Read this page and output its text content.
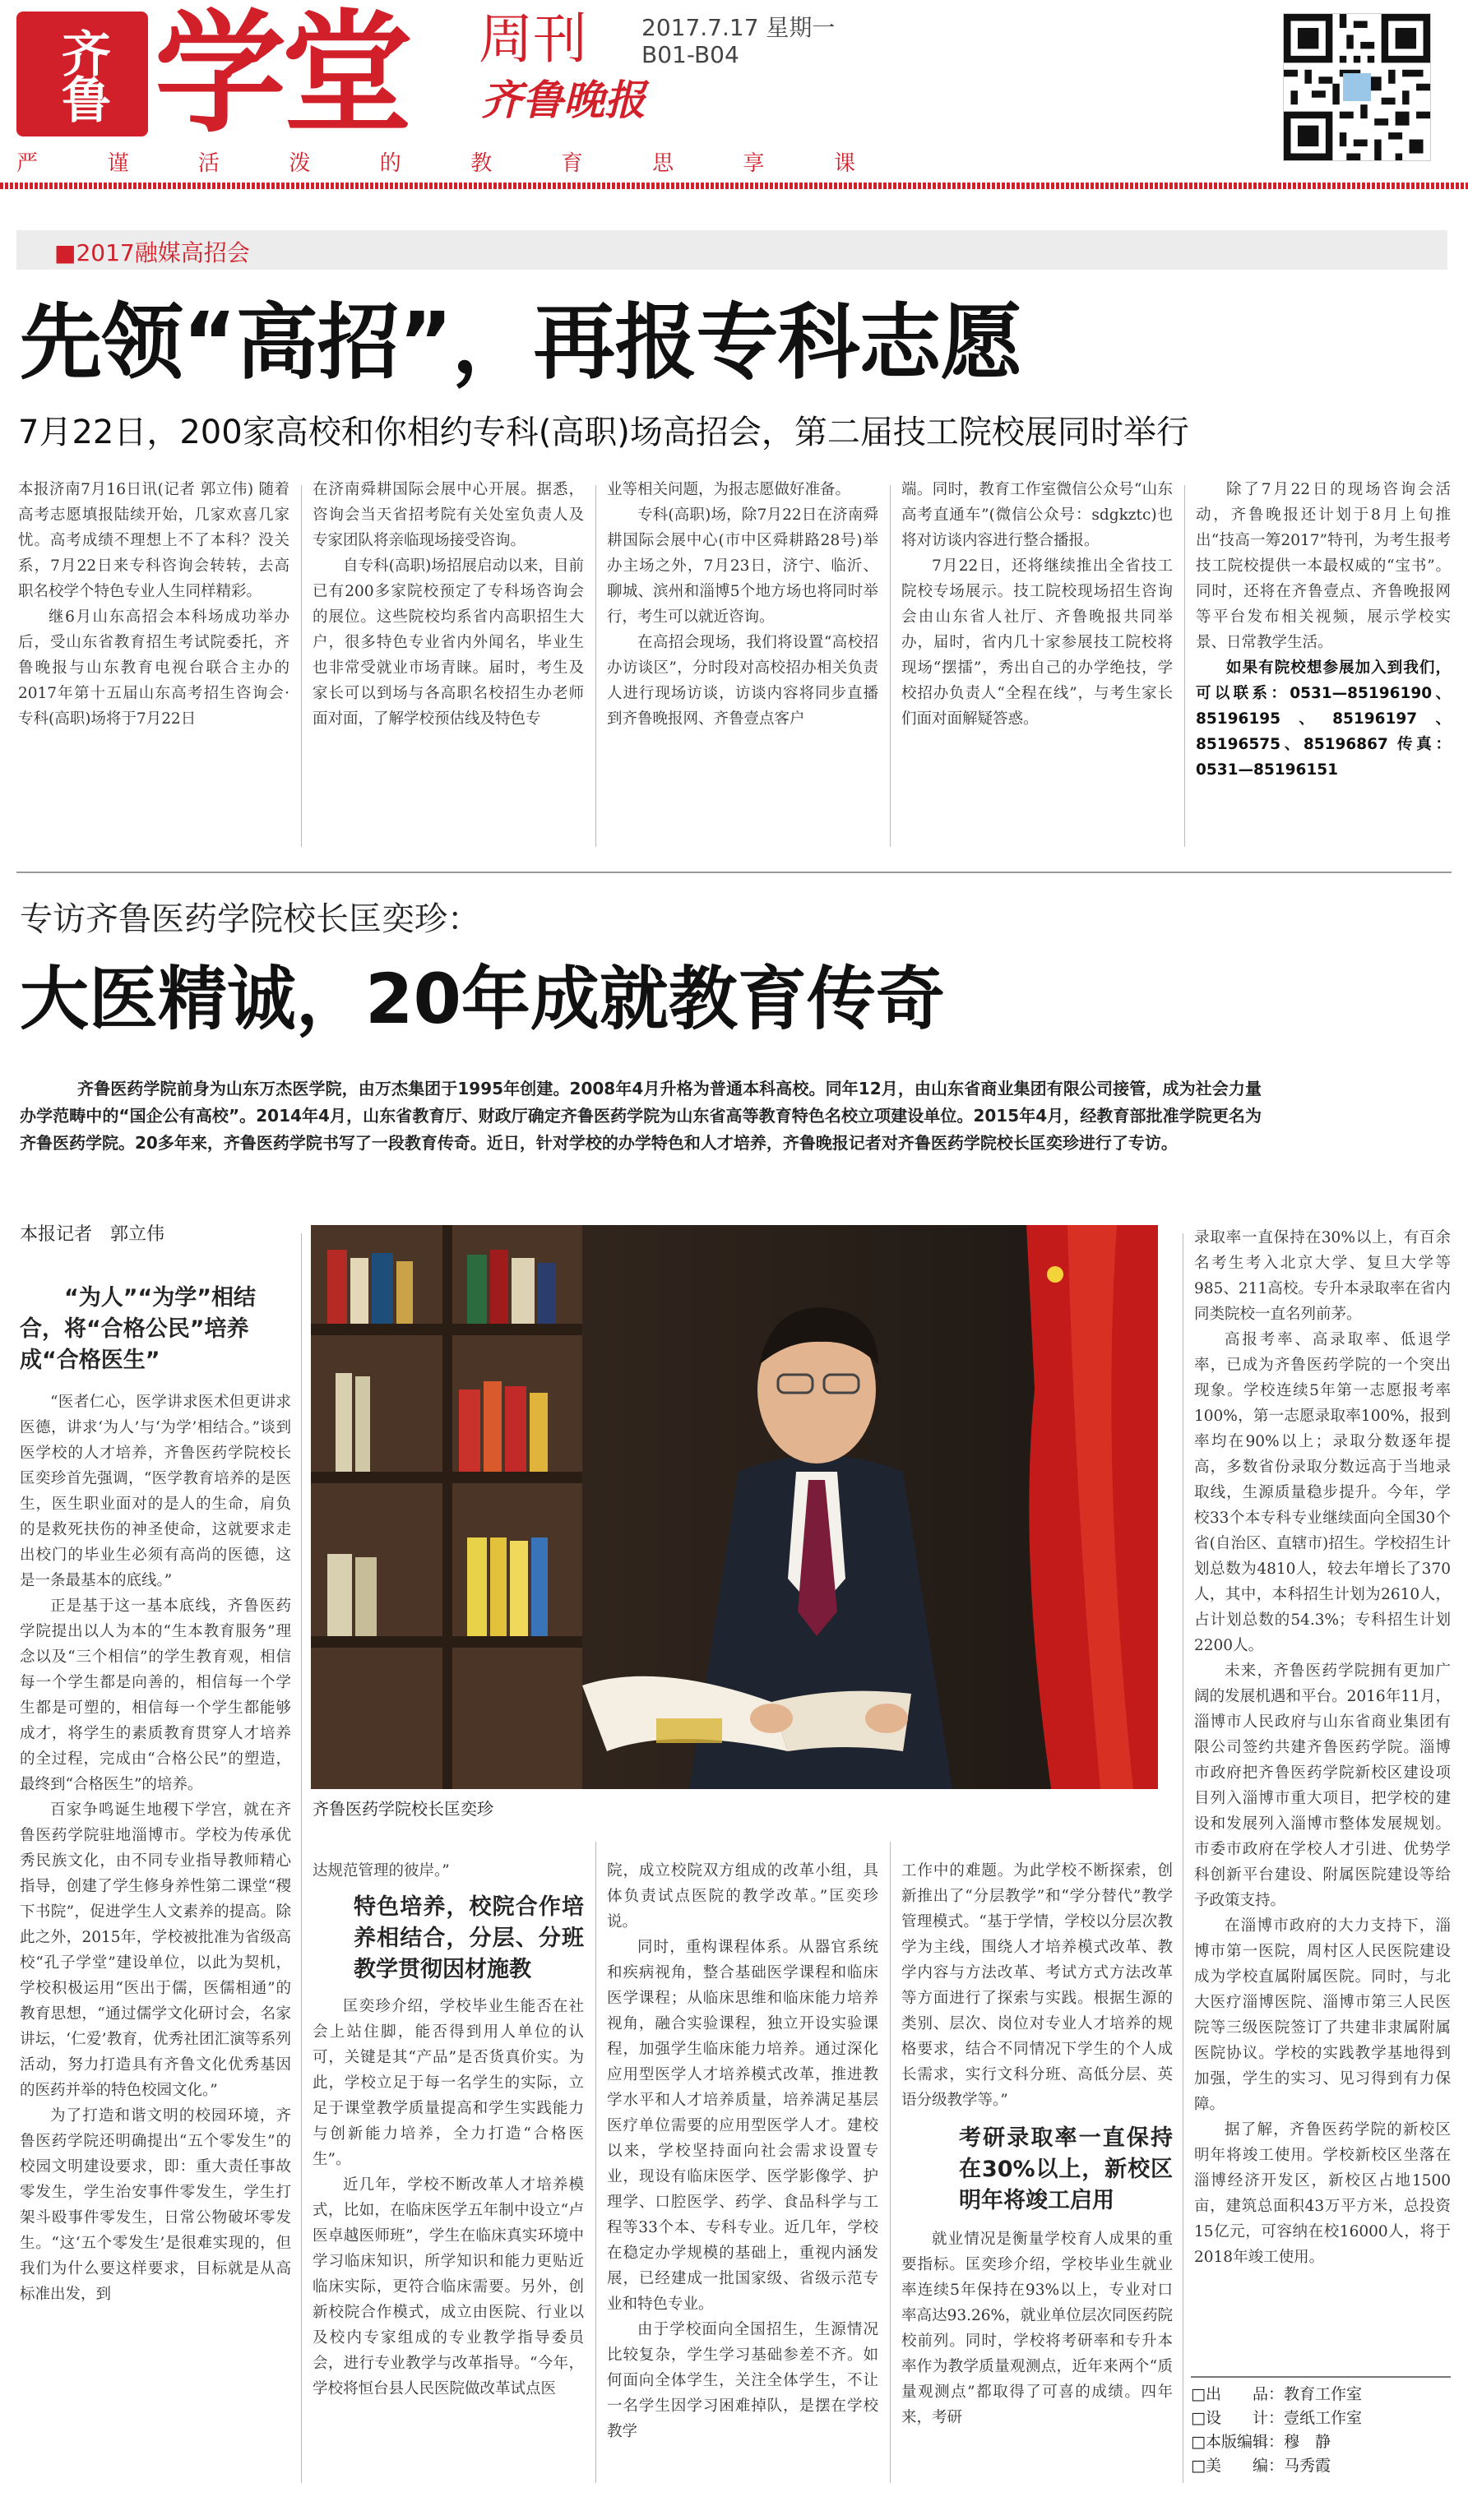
齐鲁 学堂 周刊
齐鲁晚报
2017.7.17 星期一
B01-B04
严	谨	活	泼	的	教	育	思	享	课
■2017融媒高招会
先领“高招”，再报专科志愿
7月22日，200家高校和你相约专科(高职)场高招会，第二届技工院校展同时举行

本报济南7月16日讯(记者 郭立伟) 随着高考志愿填报陆续开始，几家欢喜几家忧。高考成绩不理想上不了本科？没关系，7月22日来专科咨询会转转，去高职名校学个特色专业人生同样精彩。

继6月山东高招会本科场成功举办后，受山东省教育招生考试院委托，齐鲁晚报与山东教育电视台联合主办的2017年第十五届山东高考招生咨询会·专科(高职)场将于7月22日

在济南舜耕国际会展中心开展。据悉，咨询会当天省招考院有关处室负责人及专家团队将亲临现场接受咨询。

自专科(高职)场招展启动以来，目前已有200多家院校预定了专科场咨询会的展位。这些院校均系省内高职招生大户，很多特色专业省内外闻名，毕业生也非常受就业市场青睐。届时，考生及家长可以到场与各高职名校招生办老师面对面，了解学校预估线及特色专

业等相关问题，为报志愿做好准备。

专科(高职)场，除7月22日在济南舜耕国际会展中心(市中区舜耕路28号)举办主场之外，7月23日，济宁、临沂、聊城、滨州和淄博5个地方场也将同时举行，考生可以就近咨询。

在高招会现场，我们将设置“高校招办访谈区”，分时段对高校招办相关负责人进行现场访谈，访谈内容将同步直播到齐鲁晚报网、齐鲁壹点客户

端。同时，教育工作室微信公众号“山东高考直通车”(微信公众号：sdgkztc)也将对访谈内容进行整合播报。

7月22日，还将继续推出全省技工院校专场展示。技工院校现场招生咨询会由山东省人社厅、齐鲁晚报共同举办，届时，省内几十家参展技工院校将现场“摆擂”，秀出自己的办学绝技，学校招办负责人“全程在线”，与考生家长们面对面解疑答惑。

除了7月22日的现场咨询会活动，齐鲁晚报还计划于8月上旬推出“技高一筹2017”特刊，为考生报考技工院校提供一本最权威的“宝书”。同时，还将在齐鲁壹点、齐鲁晚报网等平台发布相关视频，展示学校实景、日常教学生活。

如果有院校想参展加入到我们，可以联系：0531—85196190、85196195、85196197、85196575、85196867 传真：0531—85196151

专访齐鲁医药学院校长匡奕珍：
大医精诚，20年成就教育传奇
齐鲁医药学院前身为山东万杰医学院，由万杰集团于1995年创建。2008年4月升格为普通本科高校。同年12月，由山东省商业集团有限公司接管，成为社会力量办学范畴中的“国企公有高校”。2014年4月，山东省教育厅、财政厅确定齐鲁医药学院为山东省高等教育特色名校立项建设单位。2015年4月，经教育部批准学院更名为齐鲁医药学院。20多年来，齐鲁医药学院书写了一段教育传奇。近日，针对学校的办学特色和人才培养，齐鲁晚报记者对齐鲁医药学院校长匡奕珍进行了专访。
本报记者　郭立伟
“为人”“为学”相结合，将“合格公民”培养成“合格医生”

“医者仁心，医学讲求医术但更讲求医德，讲求‘为人’与‘为学’相结合。”谈到医学校的人才培养，齐鲁医药学院校长匡奕珍首先强调，“医学教育培养的是医生，医生职业面对的是人的生命，肩负的是救死扶伤的神圣使命，这就要求走出校门的毕业生必须有高尚的医德，这是一条最基本的底线。”

正是基于这一基本底线，齐鲁医药学院提出以人为本的“生本教育服务”理念以及“三个相信”的学生教育观，相信每一个学生都是向善的，相信每一个学生都是可塑的，相信每一个学生都能够成才，将学生的素质教育贯穿人才培养的全过程，完成由“合格公民”的塑造，最终到“合格医生”的培养。

百家争鸣诞生地稷下学宫，就在齐鲁医药学院驻地淄博市。学校为传承优秀民族文化，由不同专业指导教师精心指导，创建了学生修身养性第二课堂“稷下书院”，促进学生人文素养的提高。除此之外，2015年，学校被批准为省级高校“孔子学堂”建设单位，以此为契机，学校积极运用“医出于儒，医儒相通”的教育思想，“通过儒学文化研讨会，名家讲坛，‘仁爱’教育，优秀社团汇演等系列活动，努力打造具有齐鲁文化优秀基因的医药并举的特色校园文化。”

为了打造和谐文明的校园环境，齐鲁医药学院还明确提出“五个零发生”的校园文明建设要求，即：重大责任事故零发生，学生治安事件零发生，学生打架斗殴事件零发生，日常公物破坏零发生。“这‘五个零发生’是很难实现的，但我们为什么要这样要求，目标就是从高标准出发，到

齐鲁医药学院校长匡奕珍

达规范管理的彼岸。”

特色培养，校院合作培养相结合，分层、分班教学贯彻因材施教

匡奕珍介绍，学校毕业生能否在社会上站住脚，能否得到用人单位的认可，关键是其“产品”是否货真价实。为此，学校立足于每一名学生的实际，立足于课堂教学质量提高和学生实践能力与创新能力培养，全力打造“合格医生”。

近几年，学校不断改革人才培养模式，比如，在临床医学五年制中设立“卢医卓越医师班”，学生在临床真实环境中学习临床知识，所学知识和能力更贴近临床实际，更符合临床需要。另外，创新校院合作模式，成立由医院、行业以及校内专家组成的专业教学指导委员会，进行专业教学与改革指导。“今年，学校将恒台县人民医院做改革试点医

院，成立校院双方组成的改革小组，具体负责试点医院的教学改革。”匡奕珍说。

同时，重构课程体系。从器官系统和疾病视角，整合基础医学课程和临床医学课程；从临床思维和临床能力培养视角，融合实验课程，独立开设实验课程，加强学生临床能力培养。通过深化应用型医学人才培养模式改革，推进教学水平和人才培养质量，培养满足基层医疗单位需要的应用型医学人才。建校以来，学校坚持面向社会需求设置专业，现设有临床医学、医学影像学、护理学、口腔医学、药学、食品科学与工程等33个本、专科专业。近几年，学校在稳定办学规模的基础上，重视内涵发展，已经建成一批国家级、省级示范专业和特色专业。

由于学校面向全国招生，生源情况比较复杂，学生学习基础参差不齐。如何面向全体学生，关注全体学生，不让一名学生因学习困难掉队，是摆在学校教学

工作中的难题。为此学校不断探索，创新推出了“分层教学”和“学分替代”教学管理模式。“基于学情，学校以分层次教学为主线，围绕人才培养模式改革、教学内容与方法改革、考试方式方法改革等方面进行了探索与实践。根据生源的类别、层次、岗位对专业人才培养的规格要求，结合不同情况下学生的个人成长需求，实行文科分班、高低分层、英语分级教学等。”

考研录取率一直保持在30%以上，新校区明年将竣工启用

就业情况是衡量学校育人成果的重要指标。匡奕珍介绍，学校毕业生就业率连续5年保持在93%以上，专业对口率高达93.26%，就业单位层次同医药院校前列。同时，学校将考研率和专升本率作为教学质量观测点，近年来两个“质量观测点”都取得了可喜的成绩。四年来，考研

录取率一直保持在30%以上，有百余名考生考入北京大学、复旦大学等985、211高校。专升本录取率在省内同类院校一直名列前茅。

高报考率、高录取率、低退学率，已成为齐鲁医药学院的一个突出现象。学校连续5年第一志愿报考率100%，第一志愿录取率100%，报到率均在90%以上；录取分数逐年提高，多数省份录取分数远高于当地录取线，生源质量稳步提升。今年，学校33个本专科专业继续面向全国30个省(自治区、直辖市)招生。学校招生计划总数为4810人，较去年增长了370人，其中，本科招生计划为2610人，占计划总数的54.3%；专科招生计划2200人。

未来，齐鲁医药学院拥有更加广阔的发展机遇和平台。2016年11月，淄博市人民政府与山东省商业集团有限公司签约共建齐鲁医药学院。淄博市政府把齐鲁医药学院新校区建设项目列入淄博市重大项目，把学校的建设和发展列入淄博市整体发展规划。市委市政府在学校人才引进、优势学科创新平台建设、附属医院建设等给予政策支持。

在淄博市政府的大力支持下，淄博市第一医院，周村区人民医院建设成为学校直属附属医院。同时，与北大医疗淄博医院、淄博市第三人民医院等三级医院签订了共建非隶属附属医院协议。学校的实践教学基地得到加强，学生的实习、见习得到有力保障。

据了解，齐鲁医药学院的新校区明年将竣工使用。学校新校区坐落在淄博经济开发区，新校区占地1500亩，建筑总面积43万平方米，总投资15亿元，可容纳在校16000人，将于2018年竣工使用。

□出　　品：教育工作室
□设　　计：壹纸工作室
□本版编辑：穆　静
□美　　编：马秀霞
